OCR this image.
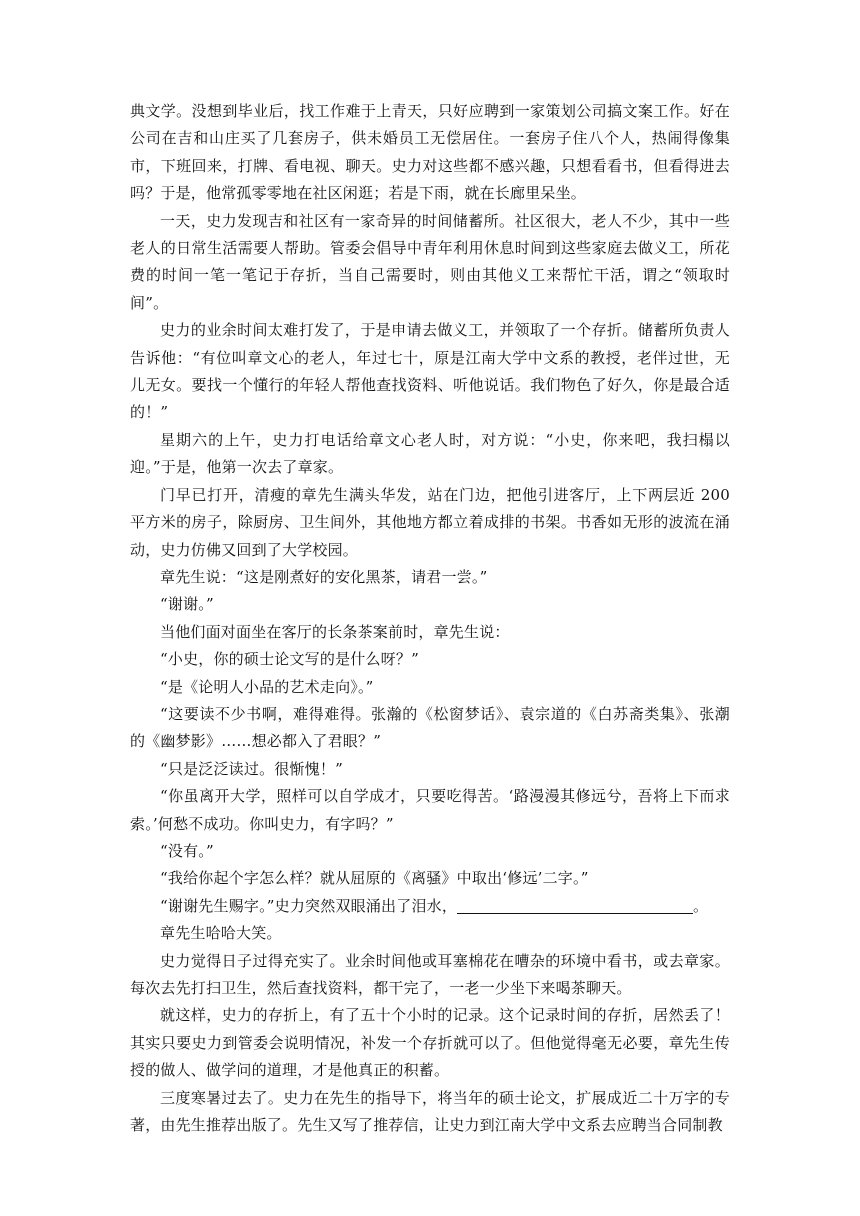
典文学。没想到毕业后，找工作难于上青天，只好应聘到一家策划公司搞文案工作。好在公司在吉和山庄买了几套房子，供未婚员工无偿居住。一套房子住八个人，热闹得像集市，下班回来，打牌、看电视、聊天。史力对这些都不感兴趣，只想看看书，但看得进去吗？于是，他常孤零零地在社区闲逛；若是下雨，就在长廊里呆坐。

一天，史力发现吉和社区有一家奇异的时间储蓄所。社区很大，老人不少，其中一些老人的日常生活需要人帮助。管委会倡导中青年利用休息时间到这些家庭去做义工，所花费的时间一笔一笔记于存折，当自己需要时，则由其他义工来帮忙干活，谓之“领取时间”。

史力的业余时间太难打发了，于是申请去做义工，并领取了一个存折。储蓄所负责人告诉他：“有位叫章文心的老人，年过七十，原是江南大学中文系的教授，老伴过世，无儿无女。要找一个懂行的年轻人帮他查找资料、听他说话。我们物色了好久，你是最合适的！”

星期六的上午，史力打电话给章文心老人时，对方说：“小史，你来吧，我扫榻以迎。”于是，他第一次去了章家。

门早已打开，清瘦的章先生满头华发，站在门边，把他引进客厅，上下两层近 200 平方米的房子，除厨房、卫生间外，其他地方都立着成排的书架。书香如无形的波流在涌动，史力仿佛又回到了大学校园。

章先生说：“这是刚煮好的安化黑茶，请君一尝。”

“谢谢。”

当他们面对面坐在客厅的长条茶案前时，章先生说：

“小史，你的硕士论文写的是什么呀？”

“是《论明人小品的艺术走向》。”

“这要读不少书啊，难得难得。张瀚的《松窗梦话》、袁宗道的《白苏斋类集》、张潮的《幽梦影》……想必都入了君眼？”

“只是泛泛读过。很惭愧！”

“你虽离开大学，照样可以自学成才，只要吃得苦。‘路漫漫其修远兮，吾将上下而求索。’何愁不成功。你叫史力，有字吗？”

“没有。”

“我给你起个字怎么样？就从屈原的《离骚》中取出‘修远’二字。”

“谢谢先生赐字。”史力突然双眼涌出了泪水，	。

章先生哈哈大笑。

史力觉得日子过得充实了。业余时间他或耳塞棉花在嘈杂的环境中看书，或去章家。每次去先打扫卫生，然后查找资料，都干完了，一老一少坐下来喝茶聊天。

就这样，史力的存折上，有了五十个小时的记录。这个记录时间的存折，居然丢了！其实只要史力到管委会说明情况，补发一个存折就可以了。但他觉得毫无必要，章先生传授的做人、做学问的道理，才是他真正的积蓄。

三度寒暑过去了。史力在先生的指导下，将当年的硕士论文，扩展成近二十万字的专著，由先生推荐出版了。先生又写了推荐信，让史力到江南大学中文系去应聘当合同制教
